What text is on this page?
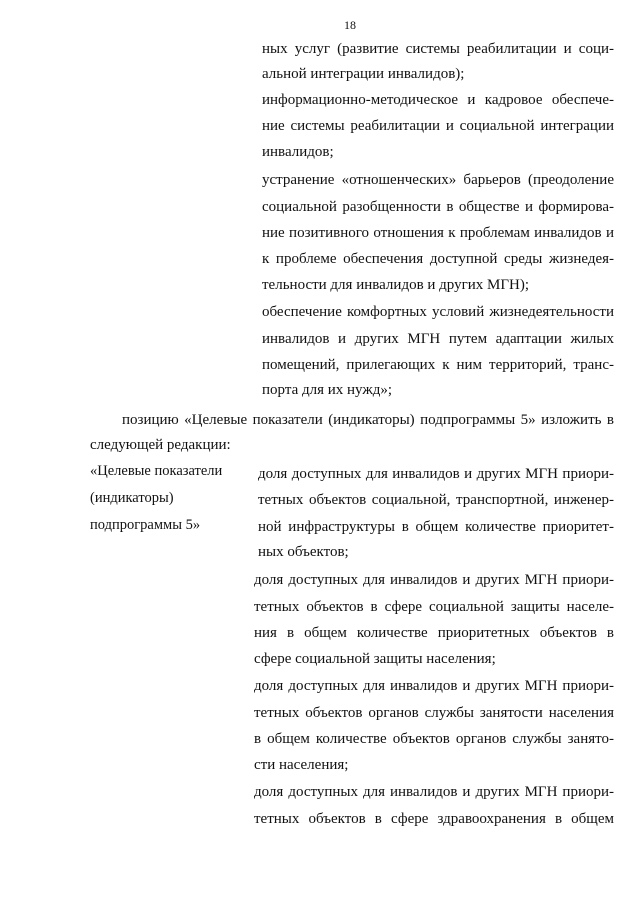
18

ных услуг (развитие системы реабилитации и соци-

альной интеграции инвалидов);

информационно-методическое и кадровое обеспече-

ние системы реабилитации и социальной интеграции

инвалидов;

устранение «отношенческих» барьеров (преодоление

социальной разобщенности в обществе и формирова-

ние позитивного отношения к проблемам инвалидов и

к проблеме обеспечения доступной среды жизнедея-

тельности для инвалидов и других МГН);

обеспечение комфортных условий жизнедеятельности

инвалидов и других МГН путем адаптации жилых

помещений, прилегающих к ним территорий, транс-

порта для их нужд»;

позицию «Целевые показатели (индикаторы) подпрограммы 5» изложить в

следующей редакции:

«Целевые показатели
(индикаторы)
подпрограммы 5»

доля доступных для инвалидов и других МГН приори-

тетных объектов социальной, транспортной, инженер-

ной инфраструктуры в общем количестве приоритет-

ных объектов;

доля доступных для инвалидов и других МГН приори-

тетных объектов в сфере социальной защиты населе-

ния в общем количестве приоритетных объектов в

сфере социальной защиты населения;

доля доступных для инвалидов и других МГН приори-

тетных объектов органов службы занятости населения

в общем количестве объектов органов службы занято-

сти населения;

доля доступных для инвалидов и других МГН приори-

тетных объектов в сфере здравоохранения в общем
